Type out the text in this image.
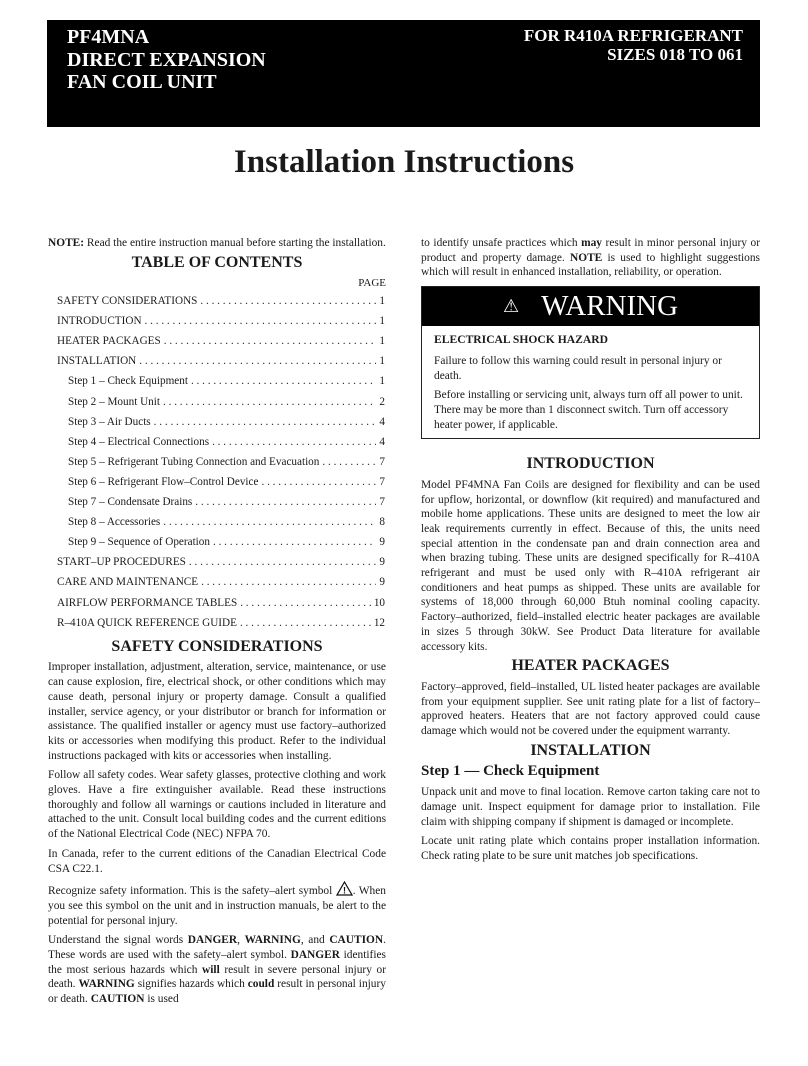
PF4MNA
DIRECT EXPANSION
FAN COIL UNIT
FOR R410A REFRIGERANT
SIZES 018 TO 061
Installation Instructions

NOTE: Read the entire instruction manual before starting the installation.

TABLE OF CONTENTS
PAGE
SAFETY CONSIDERATIONS . . .	1
INTRODUCTION . . .	1
HEATER PACKAGES . . .	1
INSTALLATION . . .	1
Step 1 – Check Equipment . . .	1
Step 2 – Mount Unit . . .	2
Step 3 – Air Ducts . . .	4
Step 4 – Electrical Connections . . .	4
Step 5 – Refrigerant Tubing Connection and Evacuation . . .	7
Step 6 – Refrigerant Flow–Control Device . . .	7
Step 7 – Condensate Drains . . .	7
Step 8 – Accessories . . .	8
Step 9 – Sequence of Operation . . .	9
START–UP PROCEDURES . . .	9
CARE AND MAINTENANCE . . .	9
AIRFLOW PERFORMANCE TABLES . . .	10
R–410A QUICK REFERENCE GUIDE . . .	12
SAFETY CONSIDERATIONS

Improper installation, adjustment, alteration, service, maintenance, or use can cause explosion, fire, electrical shock, or other conditions which may cause death, personal injury or property damage. Consult a qualified installer, service agency, or your distributor or branch for information or assistance. The qualified installer or agency must use factory–authorized kits or accessories when modifying this product. Refer to the individual instructions packaged with kits or accessories when installing.

Follow all safety codes. Wear safety glasses, protective clothing and work gloves. Have a fire extinguisher available. Read these instructions thoroughly and follow all warnings or cautions included in literature and attached to the unit. Consult local building codes and the current editions of the National Electrical Code (NEC) NFPA 70.

In Canada, refer to the current editions of the Canadian Electrical Code CSA C22.1.

Recognize safety information. This is the safety–alert symbol ! . When you see this symbol on the unit and in instruction manuals, be alert to the potential for personal injury.

Understand the signal words DANGER, WARNING, and CAUTION. These words are used with the safety–alert symbol. DANGER identifies the most serious hazards which will result in severe personal injury or death. WARNING signifies hazards which could result in personal injury or death. CAUTION is used

to identify unsafe practices which may result in minor personal injury or product and property damage. NOTE is used to highlight suggestions which will result in enhanced installation, reliability, or operation.

⚠ WARNING
ELECTRICAL SHOCK HAZARD

Failure to follow this warning could result in personal injury or death.

Before installing or servicing unit, always turn off all power to unit. There may be more than 1 disconnect switch. Turn off accessory heater power, if applicable.

INTRODUCTION

Model PF4MNA Fan Coils are designed for flexibility and can be used for upflow, horizontal, or downflow (kit required) and manufactured and mobile home applications. These units are designed to meet the low air leak requirements currently in effect. Because of this, the units need special attention in the condensate pan and drain connection area and when brazing tubing. These units are designed specifically for R–410A refrigerant and must be used only with R–410A refrigerant air conditioners and heat pumps as shipped. These units are available for systems of 18,000 through 60,000 Btuh nominal cooling capacity. Factory–authorized, field–installed electric heater packages are available in sizes 5 through 30kW. See Product Data literature for available accessory kits.

HEATER PACKAGES

Factory–approved, field–installed, UL listed heater packages are available from your equipment supplier. See unit rating plate for a list of factory–approved heaters. Heaters that are not factory approved could cause damage which would not be covered under the equipment warranty.

INSTALLATION
Step 1 — Check Equipment

Unpack unit and move to final location. Remove carton taking care not to damage unit. Inspect equipment for damage prior to installation. File claim with shipping company if shipment is damaged or incomplete.

Locate unit rating plate which contains proper installation information. Check rating plate to be sure unit matches job specifications.
